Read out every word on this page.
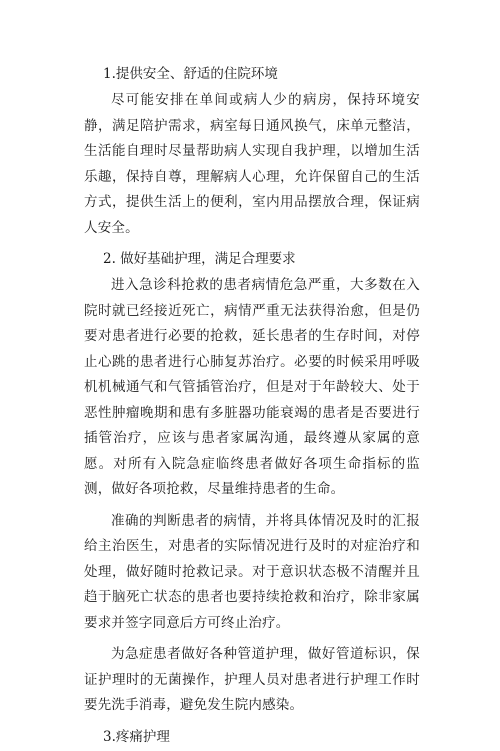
1.提供安全、舒适的住院环境

尽可能安排在单间或病人少的病房，保持环境安静，满足陪护需求，病室每日通风换气，床单元整洁，生活能自理时尽量帮助病人实现自我护理，以增加生活乐趣，保持自尊，理解病人心理，允许保留自己的生活方式，提供生活上的便利，室内用品摆放合理，保证病人安全。

2. 做好基础护理，满足合理要求

进入急诊科抢救的患者病情危急严重，大多数在入院时就已经接近死亡，病情严重无法获得治愈，但是仍要对患者进行必要的抢救，延长患者的生存时间，对停止心跳的患者进行心肺复苏治疗。必要的时候采用呼吸机机械通气和气管插管治疗，但是对于年龄较大、处于恶性肿瘤晚期和患有多脏器功能衰竭的患者是否要进行插管治疗，应该与患者家属沟通，最终遵从家属的意愿。对所有入院急症临终患者做好各项生命指标的监测，做好各项抢救，尽量维持患者的生命。

准确的判断患者的病情，并将具体情况及时的汇报给主治医生，对患者的实际情况进行及时的对症治疗和处理，做好随时抢救记录。对于意识状态极不清醒并且趋于脑死亡状态的患者也要持续抢救和治疗，除非家属要求并签字同意后方可终止治疗。

为急症患者做好各种管道护理，做好管道标识，保证护理时的无菌操作，护理人员对患者进行护理工作时要先洗手消毒，避免发生院内感染。

3.疼痛护理
